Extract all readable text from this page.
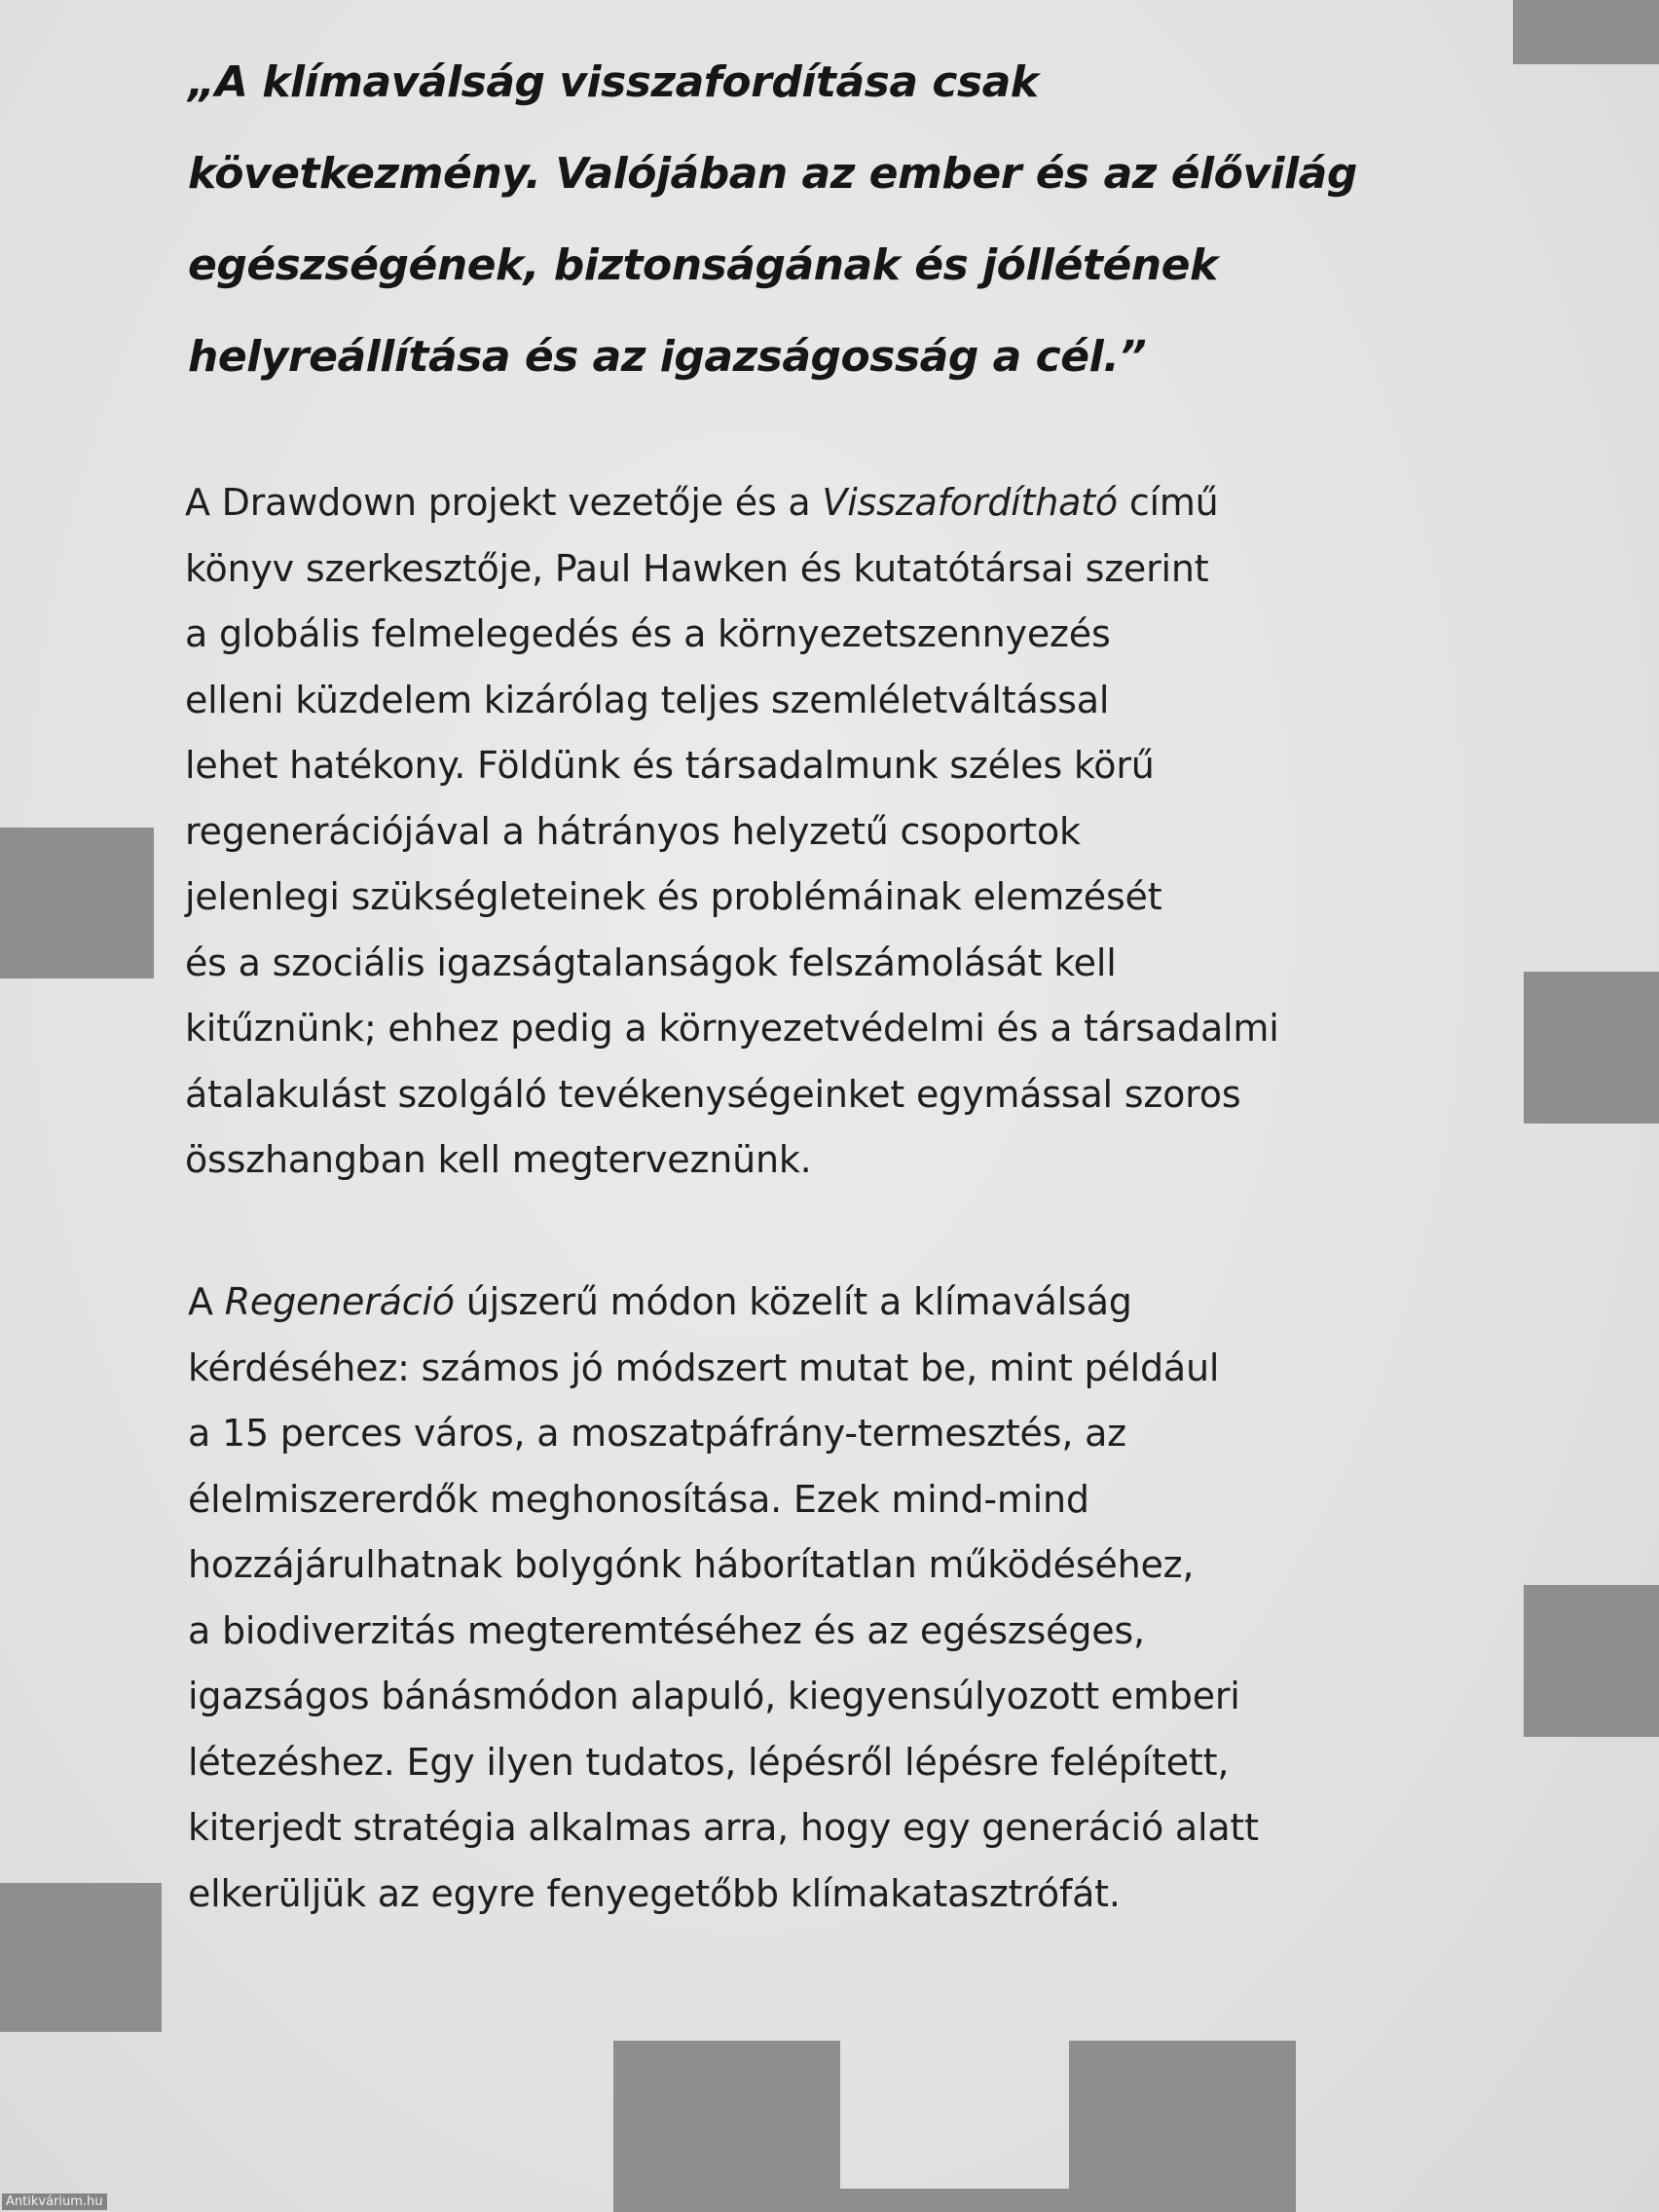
„A klímaválság visszafordítása csak
következmény. Valójában az ember és az élővilág
egészségének, biztonságának és jóllétének
helyreállítása és az igazságosság a cél.”

A Drawdown projekt vezetője és a Visszafordítható című
könyv szerkesztője, Paul Hawken és kutatótársai szerint
a globális felmelegedés és a környezetszennyezés
elleni küzdelem kizárólag teljes szemléletváltással
lehet hatékony. Földünk és társadalmunk széles körű
regenerációjával a hátrányos helyzetű csoportok
jelenlegi szükségleteinek és problémáinak elemzését
és a szociális igazságtalanságok felszámolását kell
kitűznünk; ehhez pedig a környezetvédelmi és a társadalmi
átalakulást szolgáló tevékenységeinket egymással szoros
összhangban kell megterveznünk.

A Regeneráció újszerű módon közelít a klímaválság
kérdéséhez: számos jó módszert mutat be, mint például
a 15 perces város, a moszatpáfrány-termesztés, az
élelmiszererdők meghonosítása. Ezek mind-mind
hozzájárulhatnak bolygónk háborítatlan működéséhez,
a biodiverzitás megteremtéséhez és az egészséges,
igazságos bánásmódon alapuló, kiegyensúlyozott emberi
létezéshez. Egy ilyen tudatos, lépésről lépésre felépített,
kiterjedt stratégia alkalmas arra, hogy egy generáció alatt
elkerüljük az egyre fenyegetőbb klímakatasztrófát.

Antikvárium.hu
